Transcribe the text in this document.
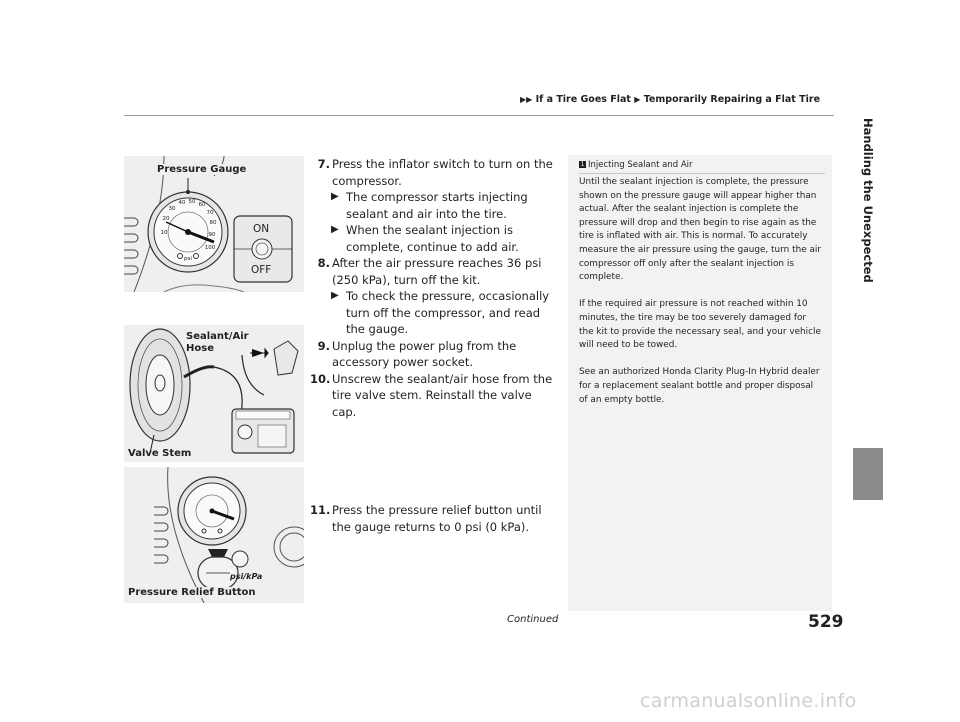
▶▶ If a Tire Goes Flat ▶ Temporarily Repairing a Flat Tire
Handling the Unexpected
10
20
30
40 50 60
70
80
90
100
psi
Pressure Gauge
ON
OFF
Sealant/Air
Hose
Valve Stem
psi/kPa
Pressure Relief Button
7. Press the inflator switch to turn on the compressor.
▶ The compressor starts injecting sealant and air into the tire.
▶ When the sealant injection is complete, continue to add air.
8. After the air pressure reaches 36 psi (250 kPa), turn off the kit.
▶ To check the pressure, occasionally turn off the compressor, and read the gauge.
9. Unplug the power plug from the accessory power socket.
10. Unscrew the sealant/air hose from the tire valve stem. Reinstall the valve cap.
11. Press the pressure relief button until the gauge returns to 0 psi (0 kPa).
1 Injecting Sealant and Air

Until the sealant injection is complete, the pressure shown on the pressure gauge will appear higher than actual. After the sealant injection is complete the pressure will drop and then begin to rise again as the tire is inflated with air. This is normal. To accurately measure the air pressure using the gauge, turn the air compressor off only after the sealant injection is complete.

If the required air pressure is not reached within 10 minutes, the tire may be too severely damaged for the kit to provide the necessary seal, and your vehicle will need to be towed.

See an authorized Honda Clarity Plug-In Hybrid dealer for a replacement sealant bottle and proper disposal of an empty bottle.

Continued	529
carmanualsonline.info
